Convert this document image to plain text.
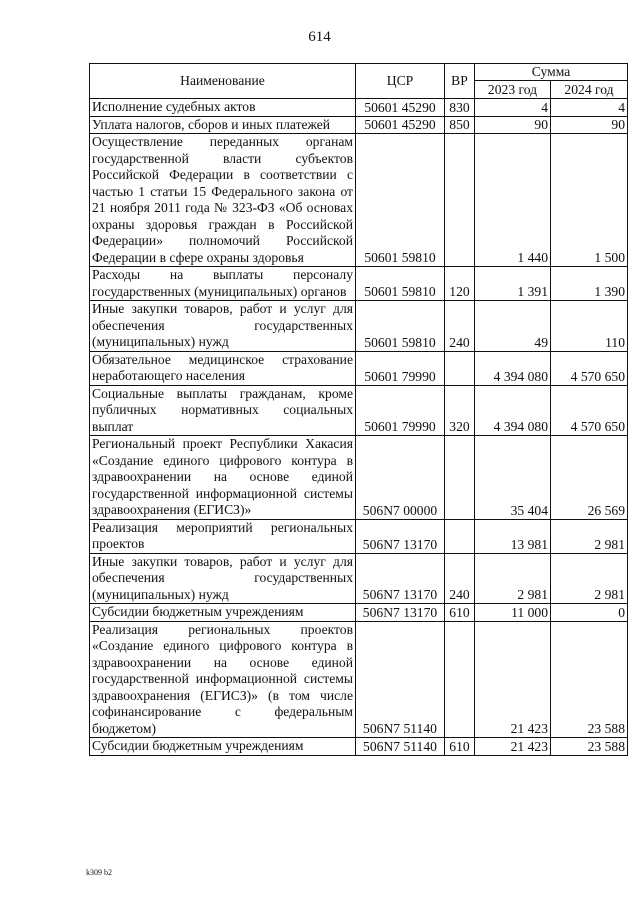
614
Наименование	ЦСР	ВР	Сумма	
			2023 год	2024 год
Исполнение судебных актов	50601 45290	830	4	4
Уплата налогов, сборов и иных платежей	50601 45290	850	90	90
Осуществление переданных органам государственной власти субъектов Российской Федерации в соответствии с частью 1 статьи 15 Федерального закона от 21 ноября 2011 года № 323-ФЗ «Об основах охраны здоровья граждан в Российской Федерации» полномочий Российской Федерации в сфере охраны здоровья	50601 59810		1 440	1 500
Расходы на выплаты персоналу государственных (муниципальных) органов	50601 59810	120	1 391	1 390
Иные закупки товаров, работ и услуг для обеспечения государственных (муниципальных) нужд	50601 59810	240	49	110
Обязательное медицинское страхование неработающего населения	50601 79990		4 394 080	4 570 650
Социальные выплаты гражданам, кроме публичных нормативных социальных выплат	50601 79990	320	4 394 080	4 570 650
Региональный проект Республики Хакасия «Создание единого цифрового контура в здравоохранении на основе единой государственной информационной системы здравоохранения (ЕГИСЗ)»	506N7 00000		35 404	26 569
Реализация мероприятий региональных проектов	506N7 13170		13 981	2 981
Иные закупки товаров, работ и услуг для обеспечения государственных (муниципальных) нужд	506N7 13170	240	2 981	2 981
Субсидии бюджетным учреждениям	506N7 13170	610	11 000	0
Реализация региональных проектов «Создание единого цифрового контура в здравоохранении на основе единой государственной информационной системы здравоохранения (ЕГИСЗ)» (в том числе софинансирование с федеральным бюджетом)	506N7 51140		21 423	23 588
Субсидии бюджетным учреждениям	506N7 51140	610	21 423	23 588
k309 b2
